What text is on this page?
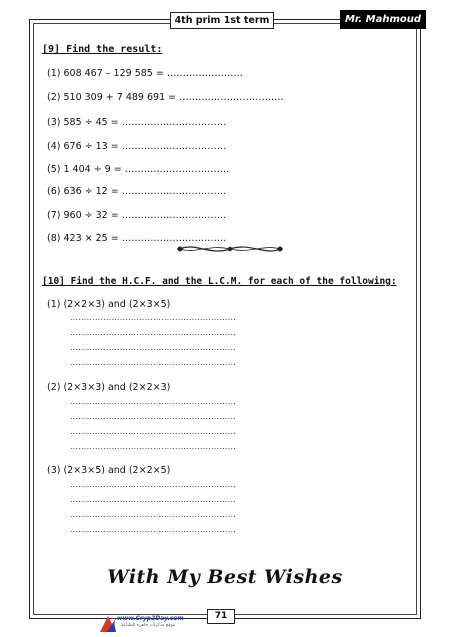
4th prim 1st term	Mr. Mahmoud
[9] Find the result:
(1) 608 467 – 129 585 = ……………………
(2) 510 309 + 7 489 691 = ……………………………
(3) 585 ÷ 45 = ……………………………
(4) 676 ÷ 13 = ……………………………
(5) 1 404 ÷ 9 = ……………………………
(6) 636 ÷ 12 = ……………………………
(7) 960 ÷ 32 = ……………………………
(8) 423 × 25 = ……………………………
[10] Find the H.C.F. and the L.C.M. for each of the following:
(1) (2×2×3) and (2×3×5)
……………………………………………………
……………………………………………………
……………………………………………………
……………………………………………………
(2) (2×3×3) and (2×2×3)
……………………………………………………
……………………………………………………
……………………………………………………
……………………………………………………
(3) (2×3×5) and (2×2×5)
……………………………………………………
……………………………………………………
……………………………………………………
……………………………………………………
With My Best Wishes
www.Cryp2Day.com
موقع مذكرات جاهزة للطباعة
71
